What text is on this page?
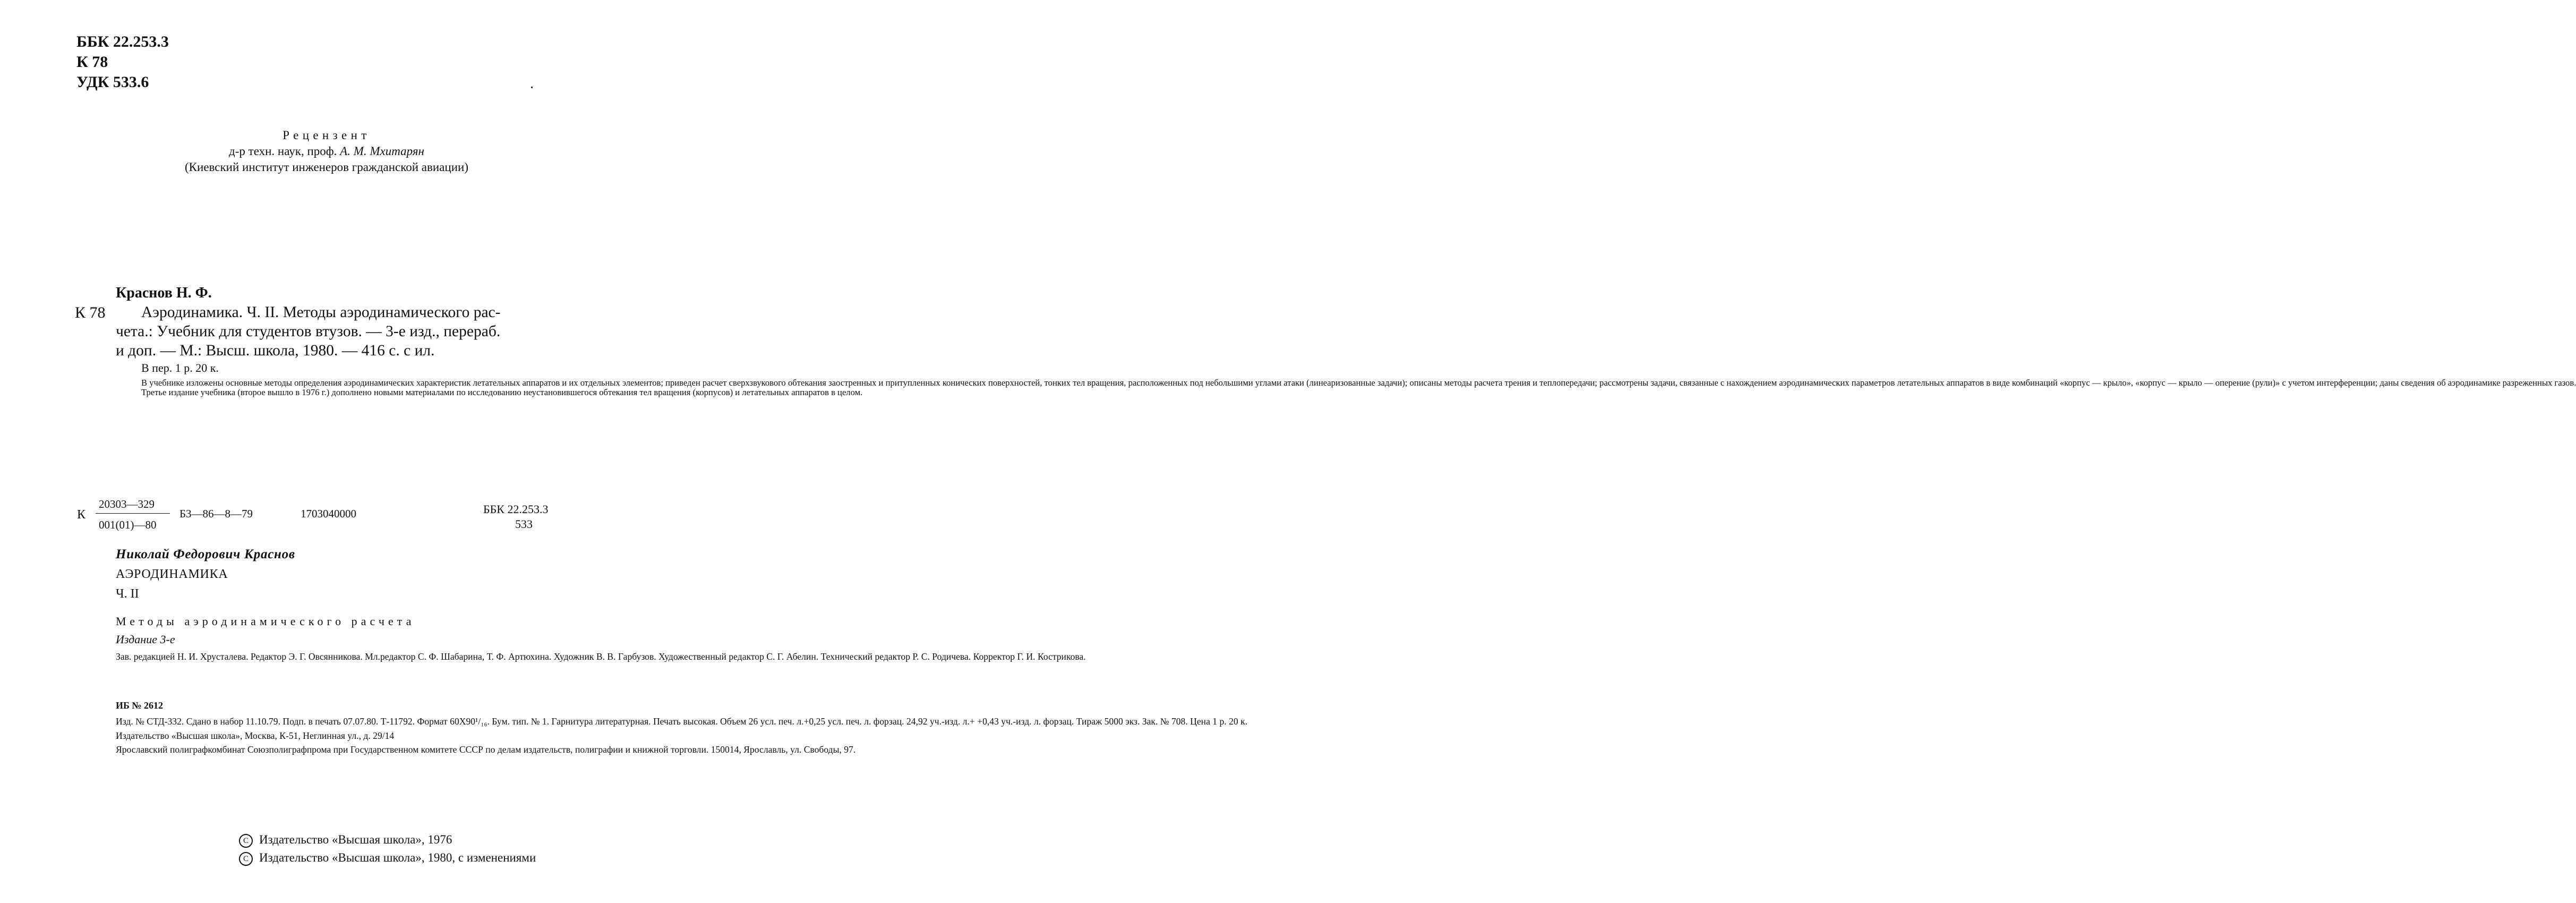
ББК 22.253.3
К 78
УДК 533.6
Рецензент
д-р техн. наук, проф. А. М. Мхитарян
(Киевский институт инженеров гражданской авиации)
Краснов Н. Ф.
К 78	Аэродинамика. Ч. II. Методы аэродинамического рас-
чета.: Учебник для студентов втузов. — 3-е изд., перераб.
и доп. — М.: Высш. школа, 1980. — 416 с. с ил.
В пер. 1 р. 20 к.

В учебнике изложены основные методы определения аэродинамических характеристик летательных аппаратов и их отдельных элементов; приведен расчет сверхзвукового обтекания заостренных и притупленных конических поверхностей, тонких тел вращения, расположенных под небольшими углами атаки (линеаризованные задачи); описаны методы расчета трения и теплопередачи; рассмотрены задачи, связанные с нахождением аэродинамических параметров летательных аппаратов в виде комбинаций «корпус — крыло», «корпус — крыло — оперение (рули)» с учетом интерференции; даны сведения об аэродинамике разреженных газов.

Третье издание учебника (второе вышло в 1976 г.) дополнено новыми материалами по исследованию неустановившегося обтекания тел вращения (корпусов) и летательных аппаратов в целом.

К
20303—329
001(01)—80
Б3—86—8—79	1703040000	ББК 22.253.3
533
Николай Федорович Краснов
АЭРОДИНАМИКА
Ч. II
Методы аэродинамического расчета
Издание 3-е

Зав. редакцией Н. И. Хрусталева. Редактор Э. Г. Овсянникова. Мл.редактор С. Ф. Шабарина, Т. Ф. Артюхина. Художник В. В. Гарбузов. Художественный редактор С. Г. Абелин. Технический редактор Р. С. Родичева. Корректор Г. И. Кострикова.

ИБ № 2612

Изд. № СТД-332. Сдано в набор 11.10.79. Подп. в печать 07.07.80. Т-11792. Формат 60Х90¹/₁₆. Бум. тип. № 1. Гарнитура литературная. Печать высокая. Объем 26 усл. печ. л.+0,25 усл. печ. л. форзац. 24,92 уч.-изд. л.+ +0,43 уч.-изд. л. форзац. Тираж 5000 экз. Зак. № 708. Цена 1 р. 20 к.

Издательство «Высшая школа», Москва, К-51, Неглинная ул., д. 29/14

Ярославский полиграфкомбинат Союзполиграфпрома при Государственном комитете СССР по делам издательств, полиграфии и книжной торговли. 150014, Ярославль, ул. Свободы, 97.

C Издательство «Высшая школа», 1976
C Издательство «Высшая школа», 1980, с изменениями
